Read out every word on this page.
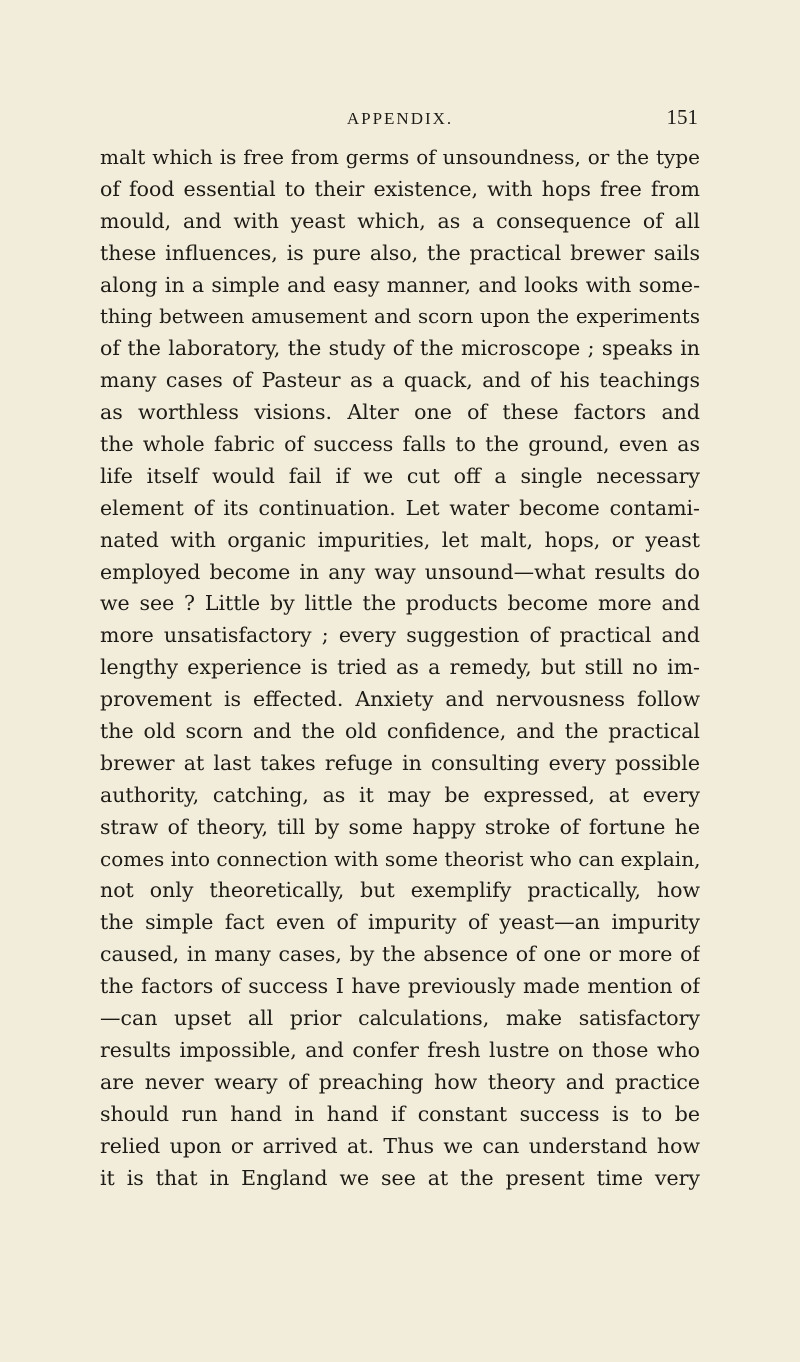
APPENDIX.	151
malt which is free from germs of unsoundness, or the type
of food essential to their existence, with hops free from
mould, and with yeast which, as a consequence of all
these influences, is pure also, the practical brewer sails
along in a simple and easy manner, and looks with some-
thing between amusement and scorn upon the experiments
of the laboratory, the study of the microscope ; speaks in
many cases of Pasteur as a quack, and of his teachings
as worthless visions. Alter one of these factors and
the whole fabric of success falls to the ground, even as
life itself would fail if we cut off a single necessary
element of its continuation. Let water become contami-
nated with organic impurities, let malt, hops, or yeast
employed become in any way unsound—what results do
we see ? Little by little the products become more and
more unsatisfactory ; every suggestion of practical and
lengthy experience is tried as a remedy, but still no im-
provement is effected. Anxiety and nervousness follow
the old scorn and the old confidence, and the practical
brewer at last takes refuge in consulting every possible
authority, catching, as it may be expressed, at every
straw of theory, till by some happy stroke of fortune he
comes into connection with some theorist who can explain,
not only theoretically, but exemplify practically, how
the simple fact even of impurity of yeast—an impurity
caused, in many cases, by the absence of one or more of
the factors of success I have previously made mention of
—can upset all prior calculations, make satisfactory
results impossible, and confer fresh lustre on those who
are never weary of preaching how theory and practice
should run hand in hand if constant success is to be
relied upon or arrived at. Thus we can understand how
it is that in England we see at the present time very
